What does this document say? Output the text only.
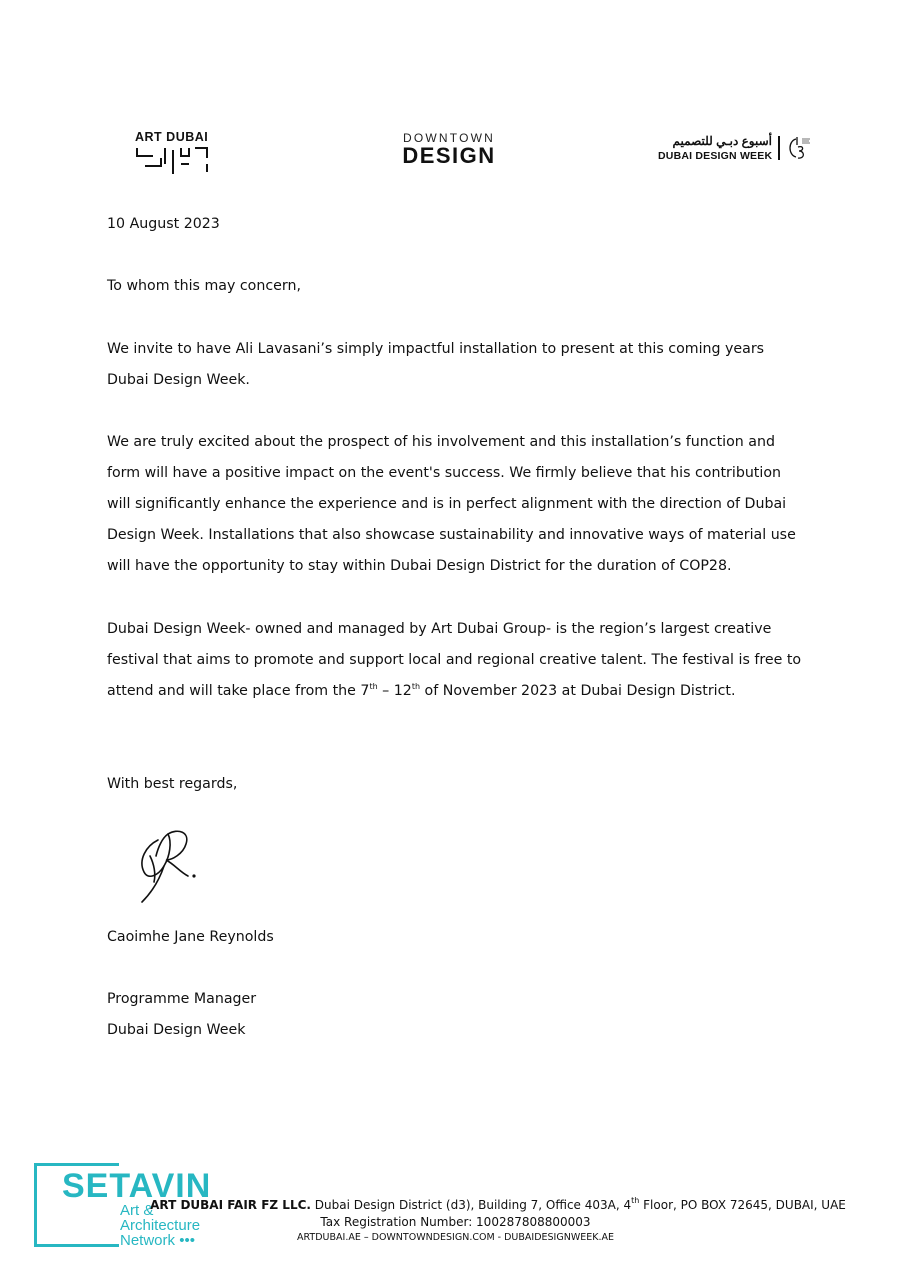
ART DUBAI	DOWNTOWN
DESIGN
أسبوع دبـي للتصميم
DUBAI DESIGN WEEK

10 August 2023

To whom this may concern,

We invite to have Ali Lavasani’s simply impactful installation to present at this coming years Dubai Design Week.

We are truly excited about the prospect of his involvement and this installation’s function and form will have a positive impact on the event's success. We firmly believe that his contribution will significantly enhance the experience and is in perfect alignment with the direction of Dubai Design Week. Installations that also showcase sustainability and innovative ways of material use will have the opportunity to stay within Dubai Design District for the duration of COP28.

Dubai Design Week- owned and managed by Art Dubai Group- is the region’s largest creative festival that aims to promote and support local and regional creative talent. The festival is free to attend and will take place from the 7th – 12th of November 2023 at Dubai Design District.

With best regards,

Caoimhe Jane Reynolds

Programme Manager

Dubai Design Week

ART DUBAI FAIR FZ LLC. Dubai Design District (d3), Building 7, Office 403A, 4th Floor, PO BOX 72645, DUBAI, UAE
Tax Registration Number: 100287808800003
ARTDUBAI.AE – DOWNTOWNDESIGN.COM - DUBAIDESIGNWEEK.AE
SETAVIN
Art &
Architecture
Network •••
